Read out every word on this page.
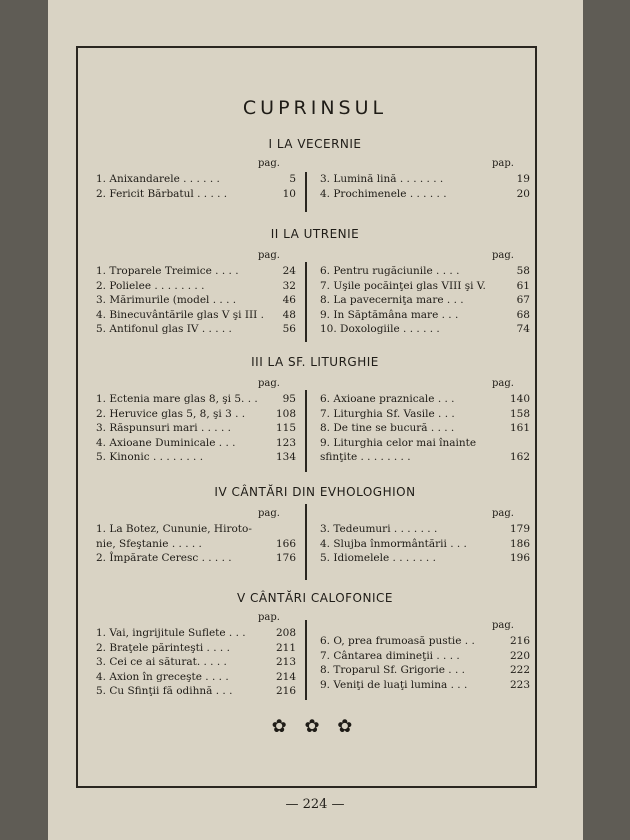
CUPRINSUL
I LA VECERNIE
pag.
1. Anixandarele . . . . . .	5
2. Fericit Bărbatul . . . . .	10
pap.
3. Lumină lină . . . . . . .	19
4. Prochimenele . . . . . .	20
II LA UTRENIE
pag.
1. Troparele Treimice . . . .	24
2. Polielee . . . . . . . .	32
3. Mărimurile (model . . . .	46
4. Binecuvântările glas V şi III . 48
5. Antifonul glas IV . . . . .	56
pag.
6. Pentru rugăciunile . . . .	58
7. Uşile pocăinţei glas VIII şi V.	61
8. La pavecerniţa mare . . .	67
9. In Săptămâna mare . . .	68
10. Doxologiile . . . . . .	74
III LA SF. LITURGHIE
pag.
1. Ectenia mare glas 8, şi 5. . . 95
2. Heruvice glas 5, 8, şi 3 . .	108
3. Răspunsuri mari . . . . .	115
4. Axioane Duminicale . . .	123
5. Kinonic . . . . . . . .	134
pag.
6. Axioane praznicale . . .	140
7. Liturghia Sf. Vasile . . .	158
8. De tine se bucură . . . .	161
9. Liturghia celor mai înainte
sfinţite . . . . . . . .	162
IV CÂNTĂRI DIN EVHOLOGHION
pag.
1. La Botez, Cununie, Hiroto-
nie, Sfeştanie . . . . .	166
2. Împărate Ceresc . . . . .	176
pag.
3. Tedeumuri . . . . . . .	179
4. Slujba înmormântării . . .	186
5. Idiomelele . . . . . . .	196
V CÂNTĂRI CALOFONICE
pap.
1. Vai, ingrijitule Suflete . . .	208
2. Braţele părinteşti . . . .	211
3. Cei ce ai săturat. . . . .	213
4. Axion în greceşte . . . .	214
5. Cu Sfinţii fă odihnă . . .	216
pag.
6. O, prea frumoasă pustie . .	216
7. Cântarea dimineţii . . . .	220
8. Troparul Sf. Grigorie . . .	222
9. Veniţi de luaţi lumina . . .	223
✿ ✿ ✿
— 224 —
